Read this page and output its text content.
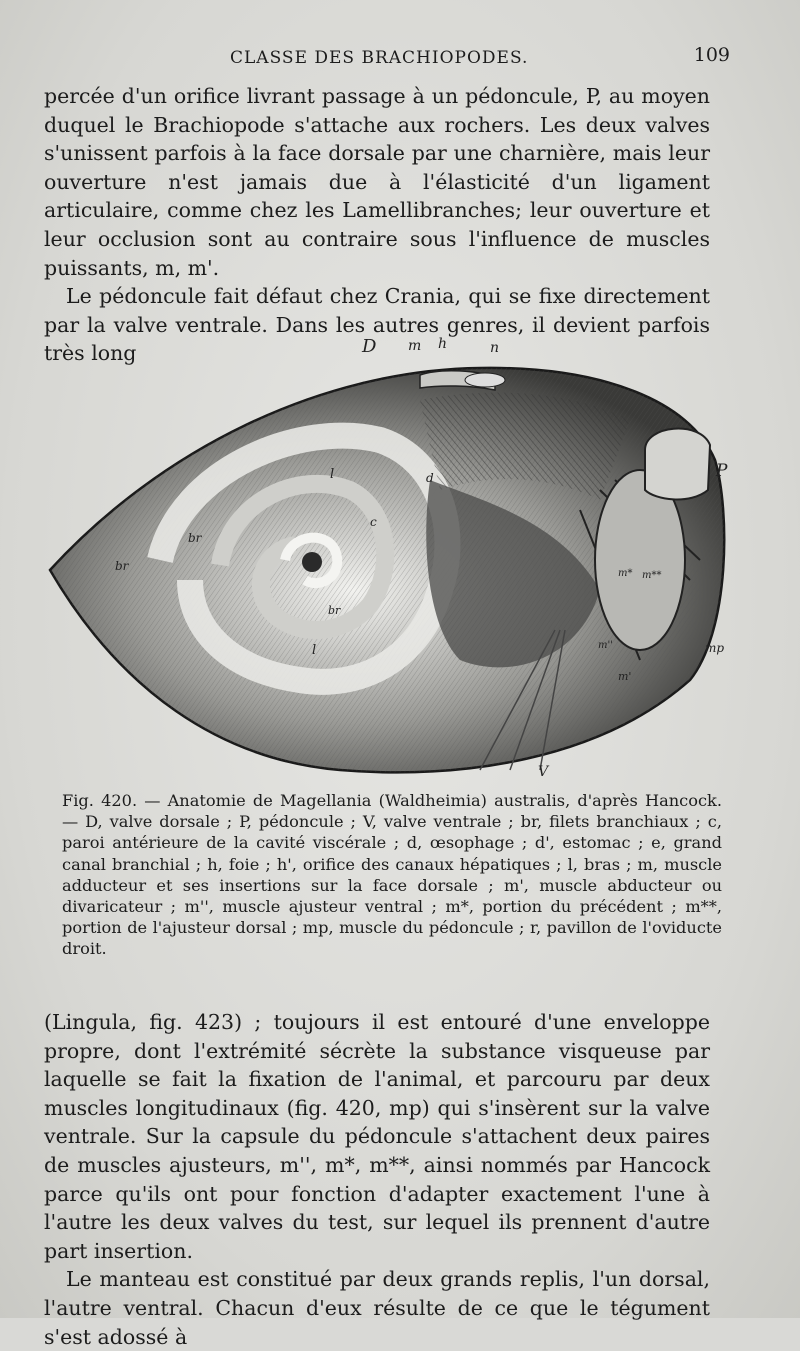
CLASSE DES BRACHIOPODES.	109

percée d'un orifice livrant passage à un pédoncule, P, au moyen duquel le Brachiopode s'attache aux rochers. Les deux valves s'unissent parfois à la face dorsale par une charnière, mais leur ouverture n'est jamais due à l'élasticité d'un ligament articulaire, comme chez les Lamellibranches; leur ouverture et leur occlusion sont au contraire sous l'influence de muscles puissants, m, m'.

Le pédoncule fait défaut chez Crania, qui se fixe directement par la valve ventrale. Dans les autres genres, il devient parfois très long	D m h	n
P
br
br
br
c
l
l
d
m* m**
mp
m'
m''
V

Fig. 420. — Anatomie de Magellania (Waldheimia) australis, d'après Hancock. — D, valve dorsale ; P, pédoncule ; V, valve ventrale ; br, filets branchiaux ; c, paroi antérieure de la cavité viscérale ; d, œsophage ; d', estomac ; e, grand canal branchial ; h, foie ; h', orifice des canaux hépatiques ; l, bras ; m, muscle adducteur et ses insertions sur la face dorsale ; m', muscle abducteur ou divaricateur ; m'', muscle ajusteur ventral ; m*, portion du précédent ; m**, portion de l'ajusteur dorsal ; mp, muscle du pédoncule ; r, pavillon de l'oviducte droit.

(Lingula, fig. 423) ; toujours il est entouré d'une enveloppe propre, dont l'extrémité sécrète la substance visqueuse par laquelle se fait la fixation de l'animal, et parcouru par deux muscles longitudinaux (fig. 420, mp) qui s'insèrent sur la valve ventrale. Sur la capsule du pédoncule s'attachent deux paires de muscles ajusteurs, m'', m*, m**, ainsi nommés par Hancock parce qu'ils ont pour fonction d'adapter exactement l'une à l'autre les deux valves du test, sur lequel ils prennent d'autre part insertion.

Le manteau est constitué par deux grands replis, l'un dorsal, l'autre ventral. Chacun d'eux résulte de ce que le tégument s'est adossé à
